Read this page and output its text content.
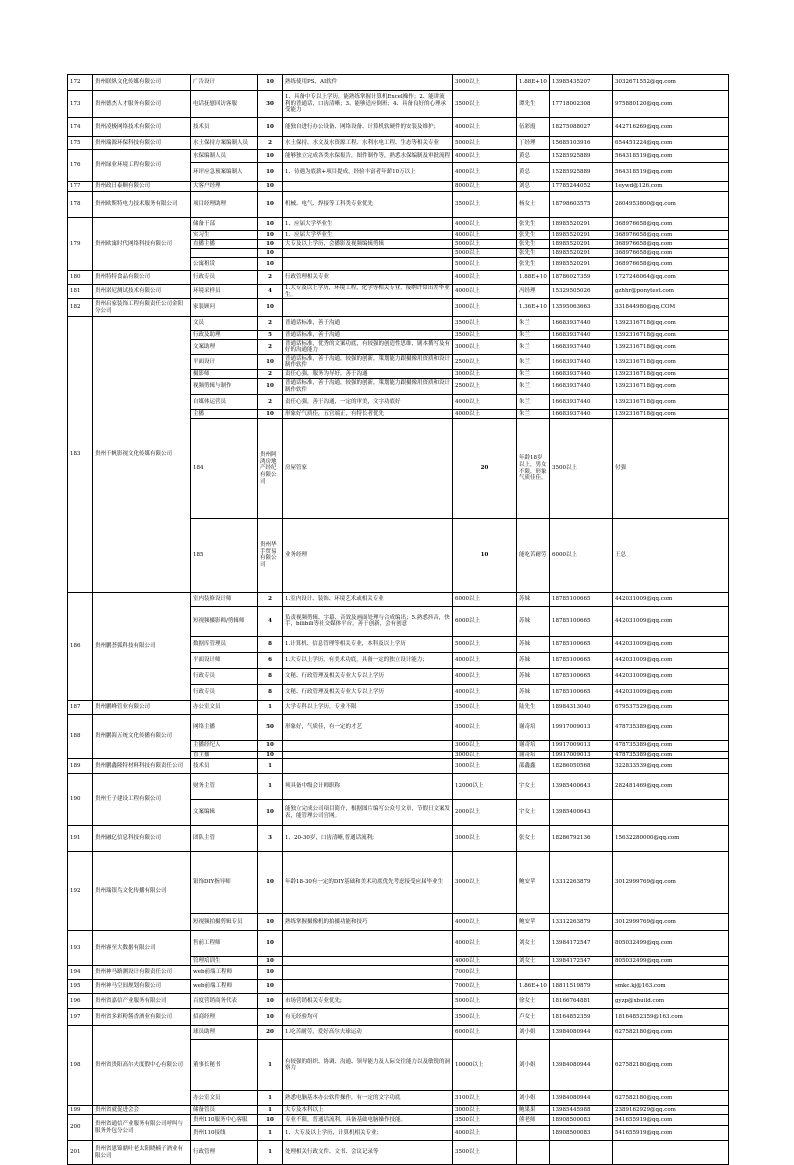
172	贵州联纵文化传媒有限公司	广告设计	10	熟练使用PS、AI软件	3000以上	1.88E+10	13985435207	3032671552@qq.com	
173	贵州德杰人才服务有限公司	电话抚慰回访客服	30	1、具备中专以上学历，能熟练掌握计算机Excel操作；2、能讲流利的普通话，口齿清晰；3、能够适应倒班；4、具备良好的心理承受能力	3500以上	谭先生	17718002308	975880120@qq.com	
174	贵州凌极网络技术有限公司	技术员	10	能独自进行办公设备、网络设备、计算机软硬件的安装及维护；	4000以上	伍彩霞	18275088027	442716269@qq.com	
175	贵州瑞源环保科技有限公司	水土保持方案编制人员	2	水土保持、水文及水资源工程、水利水电工程、生态等相关专业	5000以上	丁经理	15685103916	654451224@qq.com	
176	贵州绿业环境工程有限公司	水保编制人员	10	能够独立完成各类水保报告，图件制作等，熟悉水保编制及审批流程	4000以上	黄总	15285925889	564318519@qq.com	
		环评应急预案编制人	10	1、待遇为底薪+项目提成，经验丰富者年薪10万以上	4000以上	黄总	15285925889	564318519@qq.com	
177	贵州政日泰顺有限公司	大客户经理	10		8000以上	刘总	17785244052	1eywd@126.com	
178	贵州欧斯特电力技术服务有限公司	项目经理助理	10	机械、电气、焊接等工科类专业优先	3500以上	杨女士	18798603575	2604953800@qq.com	
179	贵州欧寓时代网络科技有限公司	储备干部	10	1、应届大学毕业生	4000以上	张先生	18985520291	368976658@qq.com	
		实习生	10	1、应届大学毕业生	4000以上	张先生	18985520291	368976658@qq.com	
		直播主播	10	大专及以上学历，会播影及视频编辑剪辑	5000以上	张先生	18985520291	368976658@qq.com	
			10		5000以上	张先生	18985520291	368976658@qq.com	
		公寓租赁	10		5000以上	张先生	18985520291	368976658@qq.com	
180	贵州特特食品有限公司	行政专员	2	行政管理相关专业	4000以上	1.88E+10	18786027359	1727246064@qq.com	
181	贵州诺尼测试技术有限公司	环境采样员	4	1.大专及以上学历，环境工程，化学等相关专业，接纳许常出差毕业生。	4000以上	冯经理	15329505026	gzhhr@ponytest.com	
182	贵州启家装饰工程有限责任公司金阳分公司	家装顾问	10		3000以上	1.36E+10	13595063663	331844980@qq.COM	
183	贵州千帆影视文化传媒有限公司	文员	2	普通话标准，善于沟通	3500以上	朱兰	16683937440	1392316718@qq.com	
		行政及助理	5	普通话标准，善于沟通	3500以上	朱兰	16683937440	1392316718@qq.com	
		文案助理	2	普通话标准，优秀的文案功底，有较强的创造性思维，剧本撰写及有好的沟通能力	3000以上	朱兰	16683937440	1392316718@qq.com	
		平面设计	10	普通话标准，善于沟通，较强的创新，策划能力跟摄像用资质和设计制作软件	2500以上	朱兰	16683937440	1392316718@qq.com	
		摄影师	2	责任心强，服务为导好，善于沟通	3000以上	朱兰	16683937440	1392316718@qq.com	
		视频剪辑与制作	10	普通话标准，善于沟通，较强的创新，策划能力跟摄像用资质和设计制作软件	2500以上	朱兰	16683937440	1392316718@qq.com	
		自媒体运营员	2	责任心强，善于沟通，一定的审美，文字功底好	4000以上	朱兰	16683937440	1392316718@qq.com	
		主播	10	形象好气质佳，五官端正，有特长者优先	4000以上	朱兰	16683937440	1392316718@qq.com	
		184	贵州阿鸿房地产经纪有限公司	房屋管家	20	年龄18岁以上，男女不限，形象气质佳佳。	3500以上	付强		
		185	贵州华手贸易有限公司	业务经理	10	能吃苦耐劳	6000以上	王总		
186	贵州鹏荟弧科技有限公司	室内装修设计师	2	1.室内设计、装饰、环境艺术或相关专业	6000以上	苏妹	18785100665	442031009@qq.com	
		短视频摄影师/剪辑师	4	负责视频剪辑、字幕、音效及画面处理与合成编出；5.熟悉抖音，快手，bilibili等社交媒体平台，善于创新，会有创意	6000以上	苏妹	18785100665	442031009@qq.com	
		数据库管理员	8	1.计算机、信息管理等相关专业，本科及以上学历	5000以上	苏妹	18785100665	442031009@qq.com	
		平面设计师	6	1.大专以上学历，有美术功底，具备一定的独立设计能力；	4000以上	苏妹	18785100665	442031009@qq.com	
		行政专员	8	文秘、行政管理及相关专业大专以上学历	4000以上	苏妹	18785100665	442031009@qq.com	
		行政专员	8	文秘、行政管理及相关专业大专以上学历	4000以上	苏妹	18785100665	442031009@qq.com	
187	贵州鹏峰管业有限公司	办公室文员	1	大学专科以上学历，专业不限	3500以上	陆先生	18984313040	679537529@qq.com	
188	贵州鹏海五统文化传播有限公司	网络主播	50	形象好，气质佳，有一定的才艺	4000以上	谢奇培	19917009013	478735389@qq.com	
		主播经纪人	10		3000以上	谢奇培	19917009013	478735389@qq.com	
		直主播	10		3000以上	谢奇培	19917009013	478735389@qq.com	
189	贵州鹏鑫隆特材料科技有限责任公司	技术员	1		3000以上	邵鑫鑫	18286050568	322833539@qq.com	
190	贵州壬子建设工程有限公司	财务主管	1	须具备中级会计师职称	12000以上	宇女士	13985400643	282481469@qq.com	
		文案编辑	10	能独立完成公司项目简介，根据图片编写公众号文章，节假日文案发表，能管理公司官网。	2000以上	宇女士	13985400643		
191	贵州融亿信息科技有限公司	团队主管	3	1、20-30岁，口齿清晰,普通话流利;	3000以上	张女士	18286792136	15632280000@qq.com	
192	贵州瑞银鸟文化传播有限公司	银饰DIY指导师	10	年龄18-30有一定的DIY基础和美术功底优先考虑接受应届毕业生	3000以上	鲍安苹	13312263879	3012999769@qq.com	
		短视频拍摄剪辑专员	10	熟练掌握摄像机的拍摄功能和技巧	4000以上	鲍安苹	13312263879	3012999769@qq.com	
193	贵州睿至大数据有限公司	售前工程师	10		4000以上	刘女士	13984172547	805032499@qq.com	
		管理培训生	10		4000以上	刘女士	13984172547	805032499@qq.com	
194	贵州神马路测设计有限责任公司	web前端工程师	10		7000以上				
195	贵州神马空间规划有限公司	web前端工程师	10		7000以上	1.86E+10	18811519879	smkc.kj@163.com	
196	贵州省嘉信产业服务有限公司	百度营销商务代表	10	市场营销相关专业优先;	5000以上	徐女士	18166764881	gyzp@xbuild.com	
197	贵州省多彩粉酱香酒业有限公司	招商经理	10	有无经验均可	3500以上	卢女士	18164852359	18164852359@163.com	
198	贵州省贵阳高尔夫度假中心有限公司	球员助理	20	1.吃苦耐劳，爱好高尔夫球运动	6000以上	刘小姐	13984080944	627582180@qq.com	
		董事长秘书	1	有较强的组织、协调、沟通、领导能力及人际交往能力以及敏锐的洞察力	10000以上	刘小姐	13984080944	627582180@qq.com	
		办公室文员	1	熟悉电脑基本办公软件操作，有一定的文字功底	3100以上	刘小姐	13984080944	627582180@qq.com	
199	贵州省就促进会会	储备管员	1	大专及本科以上	3000以上	鲍果果	13985445988	2389162929@qq.com	
200	贵州省通信产业服务有限公司呼叫与服务外包分公司	贵州110服务中心客服	10	专业不限，普通话流利，具备基础电脑操作技能。	3500以上	熊老师	18908500083	541655919@qq.com	
		贵州110接线	1	1、大专及以上学历，计算机相关专业；	4000以上		18908500083	541655919@qq.com	
201	贵州省恩锦鼎叶老太阳晓楠子酒业有限公司	行政管理	1	处理相关行政文件、文书、会议记录等	3500以上				
